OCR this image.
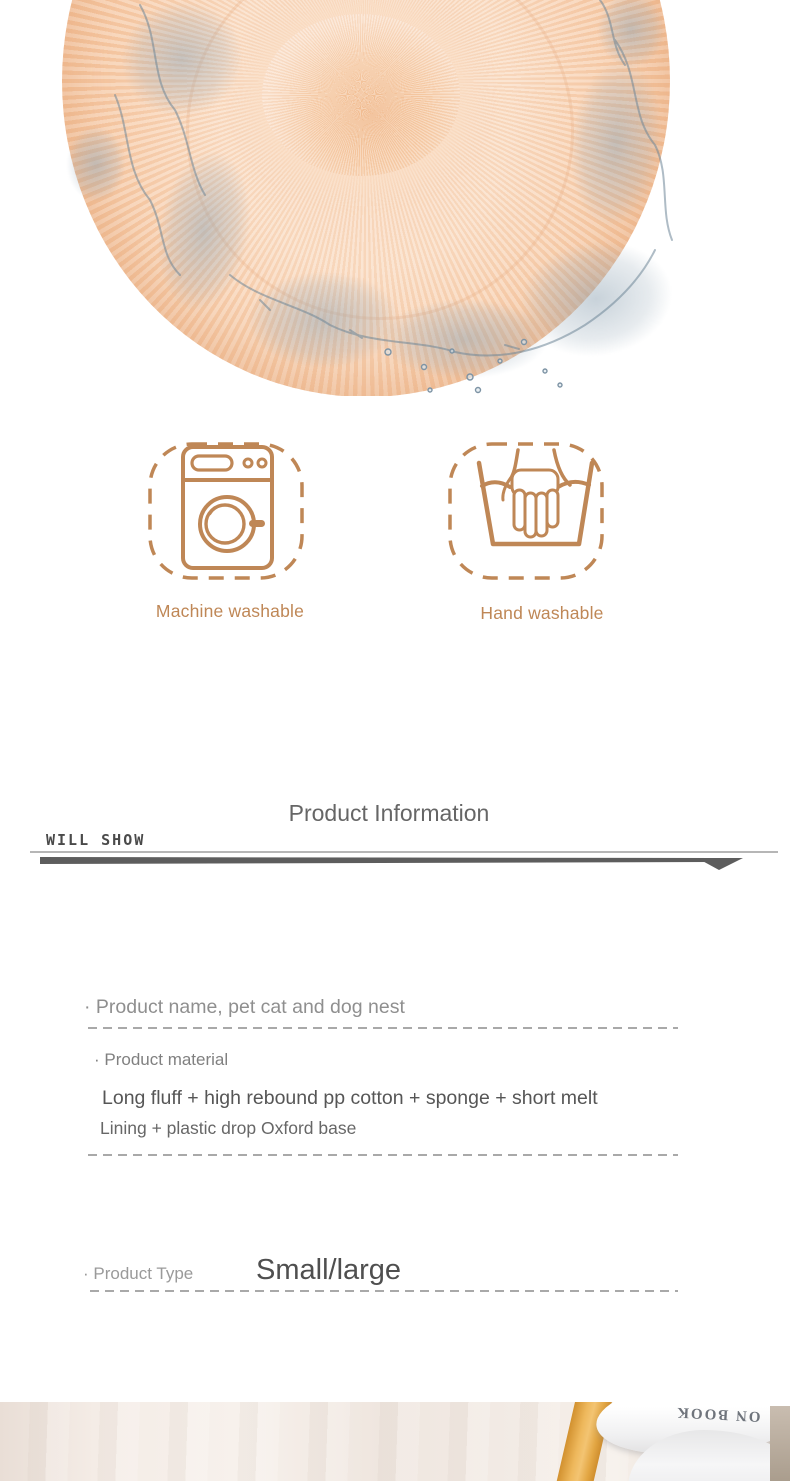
Machine washable	Hand washable
Product Information
WILL SHOW
· Product name, pet cat and dog nest
· Product material
Long fluff + high rebound pp cotton + sponge + short melt
Lining + plastic drop Oxford base
· Product Type Small/large
ON BOOK
